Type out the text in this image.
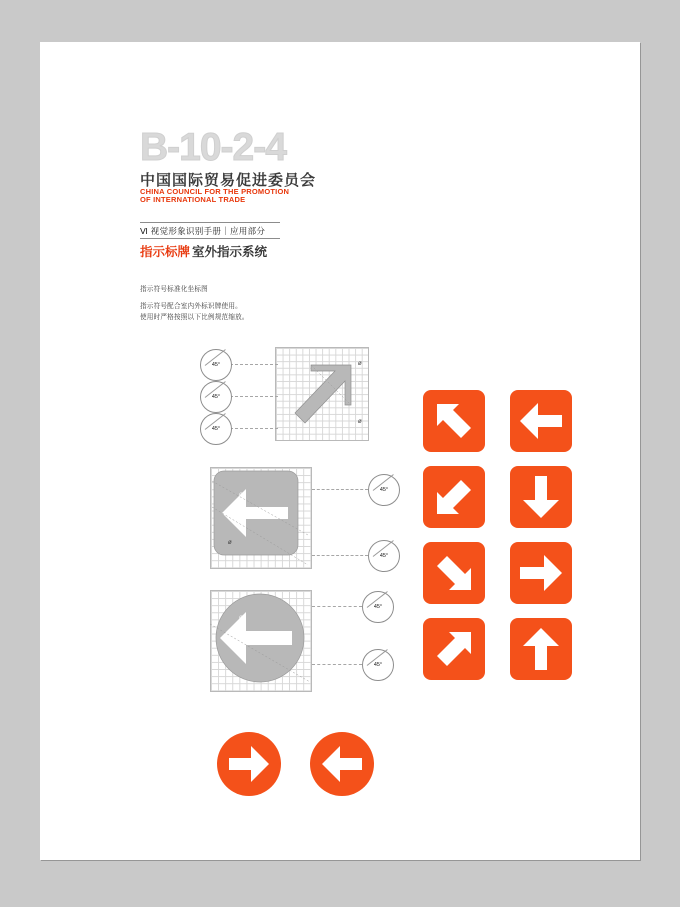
B-10-2-4
中国国际贸易促进委员会
CHINA COUNCIL FOR THE PROMOTION
OF INTERNATIONAL TRADE
Ⅵ 视觉形象识别手册｜应用部分
指示标牌 室外指示系统
指示符号标准化坐标图
指示符号配合室内外标识牌使用。
使用时严格按照以下比例规范缩放。
ø
ø
45°
45°
45°
ø
ø
45°
45°
ø
45°
45°
